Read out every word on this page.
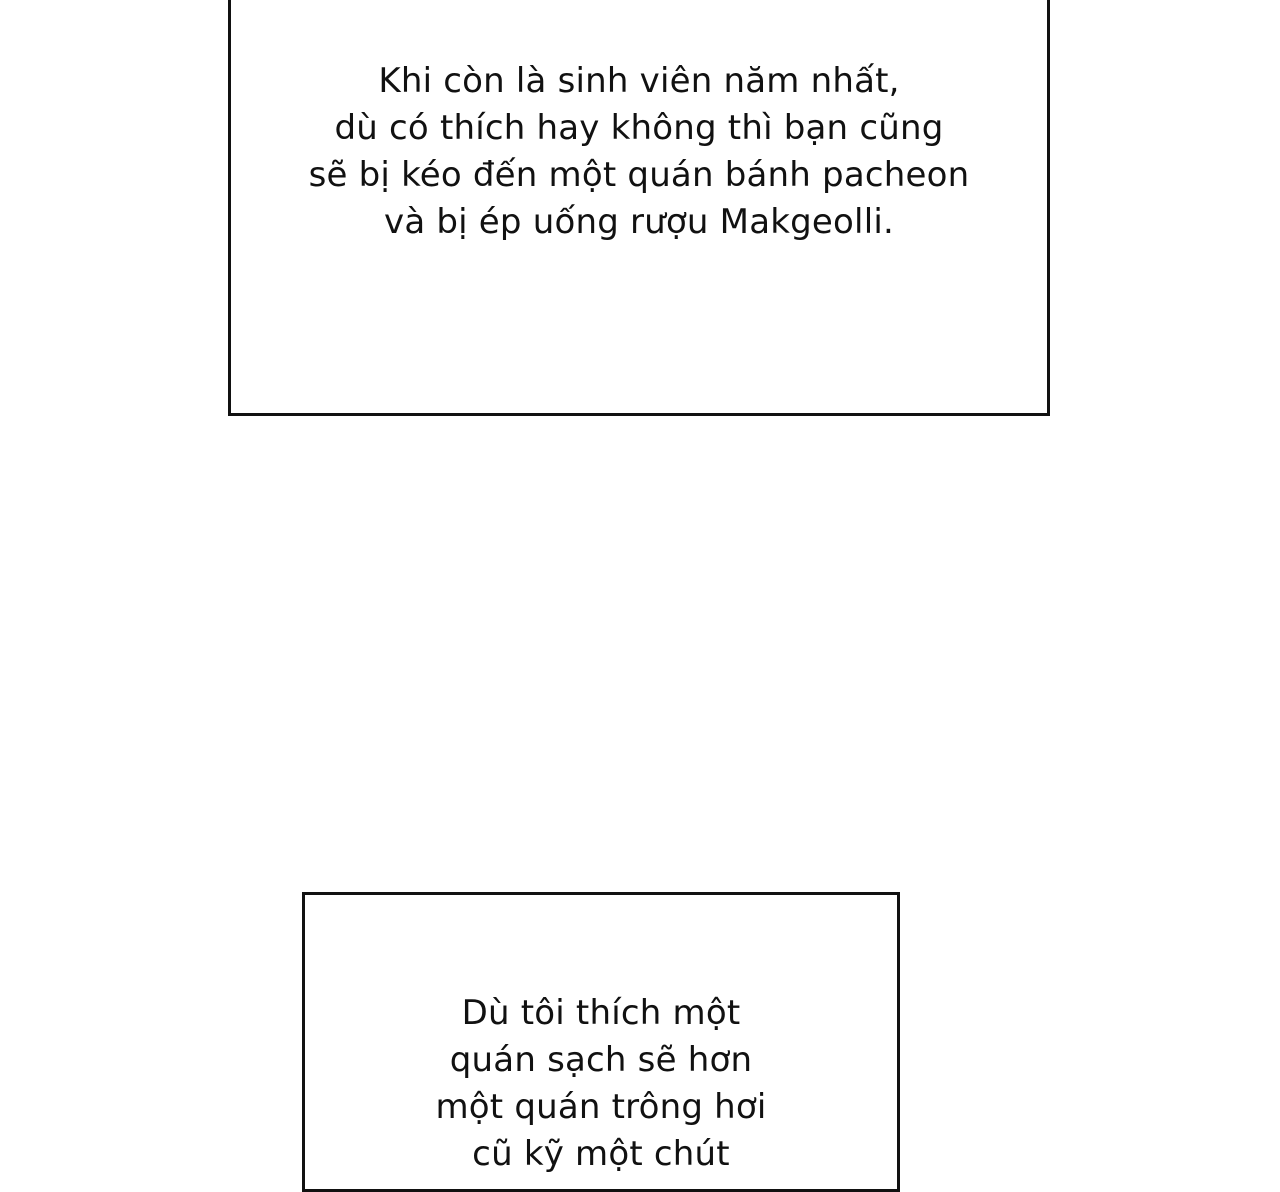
Khi còn là sinh viên năm nhất,
dù có thích hay không thì bạn cũng
sẽ bị kéo đến một quán bánh pacheon
và bị ép uống rượu Makgeolli.

Dù tôi thích một
quán sạch sẽ hơn
một quán trông hơi
cũ kỹ một chút
